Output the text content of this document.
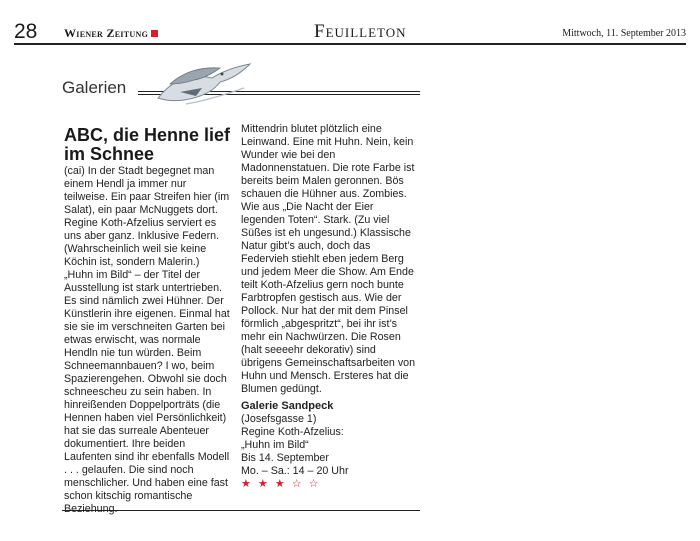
28 Wiener Zeitung	Feuilleton	Mittwoch, 11. September 2013
Galerien
ABC, die Henne lief im Schnee

(cai) In der Stadt begegnet man einem Hendl ja immer nur teilweise. Ein paar Streifen hier (im Salat), ein paar McNuggets dort. Regine Koth-Afzelius serviert es uns aber ganz. Inklusive Federn. (Wahrscheinlich weil sie keine Köchin ist, sondern Malerin.)

„Huhn im Bild“ – der Titel der Ausstellung ist stark untertrieben. Es sind nämlich zwei Hühner. Der Künstlerin ihre eigenen. Einmal hat sie sie im verschneiten Garten bei etwas erwischt, was normale Hendln nie tun würden. Beim Schneemannbauen? I wo, beim Spazierengehen. Obwohl sie doch schneescheu zu sein haben. In hinreißenden Doppelporträts (die Hennen haben viel Persönlichkeit) hat sie das surreale Abenteuer dokumentiert. Ihre beiden Laufenten sind ihr ebenfalls Modell . . . gelaufen. Die sind noch menschlicher. Und haben eine fast schon kitschig romantische Beziehung.

Mittendrin blutet plötzlich eine Leinwand. Eine mit Huhn. Nein, kein Wunder wie bei den Madonnenstatuen. Die rote Farbe ist bereits beim Malen geronnen. Bös schauen die Hühner aus. Zombies. Wie aus „Die Nacht der Eier legenden Toten“. Stark. (Zu viel Süßes ist eh ungesund.) Klassische Natur gibt’s auch, doch das Federvieh stiehlt eben jedem Berg und jedem Meer die Show. Am Ende teilt Koth-Afzelius gern noch bunte Farbtropfen gestisch aus. Wie der Pollock. Nur hat der mit dem Pinsel förmlich „abgespritzt“, bei ihr ist’s mehr ein Nachwürzen. Die Rosen (halt seeeehr dekorativ) sind übrigens Gemeinschaftsarbeiten von Huhn und Mensch. Ersteres hat die Blumen gedüngt.

Galerie Sandpeck

(Josefsgasse 1)

Regine Koth-Afzelius:

„Huhn im Bild“

Bis 14. September

Mo. – Sa.: 14 – 20 Uhr

★ ★ ★ ☆ ☆
